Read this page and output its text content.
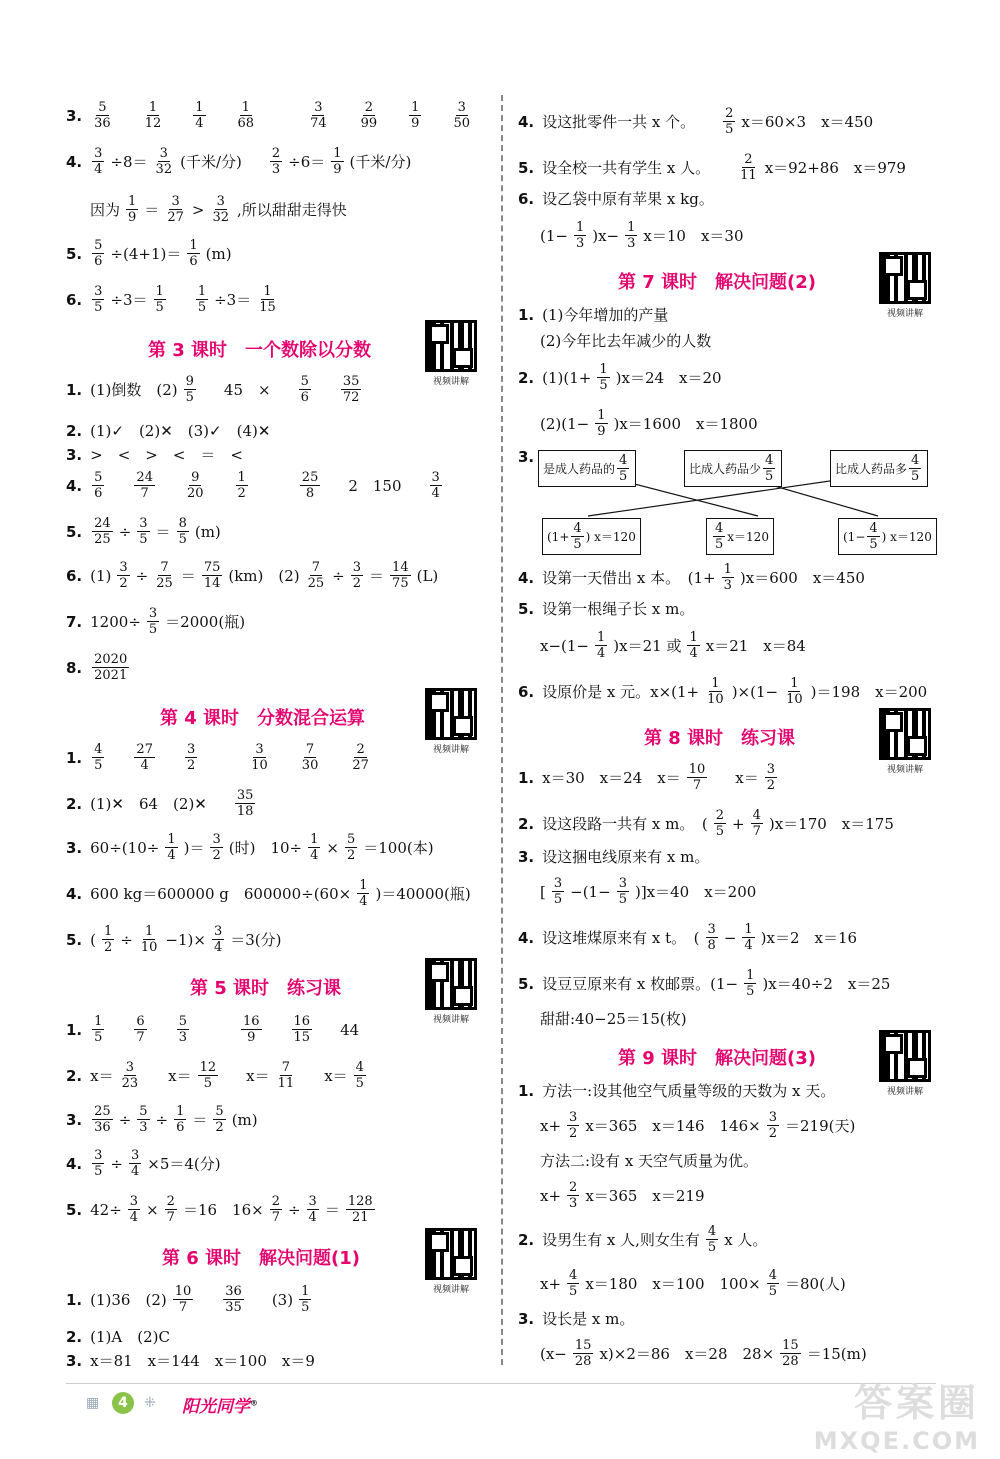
3. $\frac{5}{36} \frac{1}{12} \frac{1}{4} \frac{1}{68}$	$\frac{3}{74} \frac{2}{99} \frac{1}{9} \frac{3}{50}$
4. $\frac{3}{4} \div 8= \frac{3}{32}$ (千米/分) $\frac{2}{3} \div 6= \frac{1}{9}$ (千米/分)
因为 $\frac{1}{9} = \frac{3}{27} > \frac{3}{32}$ ,所以甜甜走得快
5. $\frac{5}{6} \div(4+1)= \frac{1}{6} (m)$
6. $\frac{3}{5} \div 3= \frac{1}{5} \frac{1}{5} \div 3= \frac{1}{15}$
第 3 课时　一个数除以分数
视频讲解
1. (1)倒数　$(2) \frac{9}{5} 45$　× $\frac{5}{6} \frac{35}{72}$
2. (1)✓　(2)✕　(3)✓　(4)✕
3. >　<　>　<　＝　<
4. $\frac{5}{6} \frac{24}{7} \frac{9}{20} \frac{1}{2}$	$\frac{25}{8} 2$　$150 \frac{3}{4}$
5. $\frac{24}{25} \div \frac{3}{5} = \frac{8}{5} (m)$
6. $(1) \frac{3}{2} \div \frac{7}{25} = \frac{75}{14} (km)$　$(2) \frac{7}{25} \div \frac{3}{2} = \frac{14}{75} (L)$
7. $1200\div \frac{3}{5} =2000$(瓶)
8. $\frac{2020}{2021}$
第 4 课时　分数混合运算
视频讲解
1. $\frac{4}{5} \frac{27}{4} \frac{3}{2}$	$\frac{3}{10} \frac{7}{30} \frac{2}{27}$
2. (1)✕　64　(2)✕ $\frac{35}{18}$
3. $60\div(10\div \frac{1}{4}$ )＝ $\frac{3}{2}$ (时)　$10\div \frac{1}{4} \times \frac{5}{2} =100$(本)
4. 600 kg＝600000 g　$600000\div(60\times \frac{1}{4} )=40000$(瓶)
5. ( $\frac{1}{2} \div \frac{1}{10} -1)\times \frac{3}{4} =3$(分)
第 5 课时　练习课
视频讲解
1. $\frac{1}{5} \frac{6}{7} \frac{5}{3}$	$\frac{16}{9} \frac{16}{15} 44$
2. $x= \frac{3}{23} x= \frac{12}{5} x= \frac{7}{11} x= \frac{4}{5}$
3. $\frac{25}{36} \div \frac{5}{3} \div \frac{1}{6} = \frac{5}{2} (m)$
4. $\frac{3}{5} \div \frac{3}{4} \times 5=4$(分)
5. $42\div \frac{3}{4} \times \frac{2}{7} =16$　$16\times \frac{2}{7} \div \frac{3}{4} = \frac{128}{21}$
第 6 课时　解决问题(1)
视频讲解
1. (1)36　$(2) \frac{10}{7} \frac{36}{35} (3) \frac{1}{5}$
2. (1)A　(2)C
3. x＝81　x＝144　x＝100　x＝9
4. 设这批零件一共 x 个。 $\frac{2}{5} x=60\times 3$　x＝450
5. 设全校一共有学生 x 人。 $\frac{2}{11} x=92+86$　x＝979
6. 设乙袋中原有苹果 x kg。
$(1- \frac{1}{3} )x- \frac{1}{3} x=10$　x＝30
第 7 课时　解决问题(2)
视频讲解
1. (1)今年增加的产量
(2)今年比去年减少的人数
2. $(1)(1+ \frac{1}{5} )x=24$　x＝20
$(2)(1- \frac{1}{9} )x=1600$　x＝1800
3.
是成人药品的 $\frac{4}{5}$	比成人药品少 $\frac{4}{5}$	比成人药品多 $\frac{4}{5}$
($1+ \frac{4}{5}$ ) x＝120	$\frac{4}{5} x=120$	($1- \frac{4}{5}$ ) x＝120
4. 设第一天借出 x 本。　$(1+ \frac{1}{3} )x=600$　x＝450
5. 设第一根绳子长 x m。
$x-(1- \frac{1}{4} )x=21$ 或 $\frac{1}{4} x=21$　x＝84
6. 设原价是 x 元。$x\times(1+ \frac{1}{10} )\times(1- \frac{1}{10} )=198$　x＝200
第 8 课时　练习课
视频讲解
1. x＝30　x＝24　$x= \frac{10}{7} x= \frac{3}{2}$
2. 设这段路一共有 x m。　( $\frac{2}{5} + \frac{4}{7} )x=170$　x＝175
3. 设这捆电线原来有 x m。
[ $\frac{3}{5} -(1- \frac{3}{5} )]x=40$　x＝200
4. 设这堆煤原来有 x t。　( $\frac{3}{8} - \frac{1}{4} )x=2$　x＝16
5. 设豆豆原来有 x 枚邮票。$(1- \frac{1}{5} )x=40\div 2$　x＝25
甜甜:40−25＝15(枚)
第 9 课时　解决问题(3)
视频讲解
1. 方法一:设其他空气质量等级的天数为 x 天。
$x+ \frac{3}{2} x=365$　x＝146　$146\times \frac{3}{2} =219$(天)
方法二:设有 x 天空气质量为优。
$x+ \frac{2}{3} x=365$　x＝219
2. 设男生有 x 人,则女生有 $\frac{4}{5}$ x 人。
$x+ \frac{4}{5} x=180$　x＝100　$100\times \frac{4}{5} =80$(人)
3. 设长是 x m。
$(x- \frac{15}{28} x)\times 2=86$　x＝28　$28\times \frac{15}{28} =15(m)$
▦	4	⁜ 阳光同学®	答案圈
MXQE.COM
